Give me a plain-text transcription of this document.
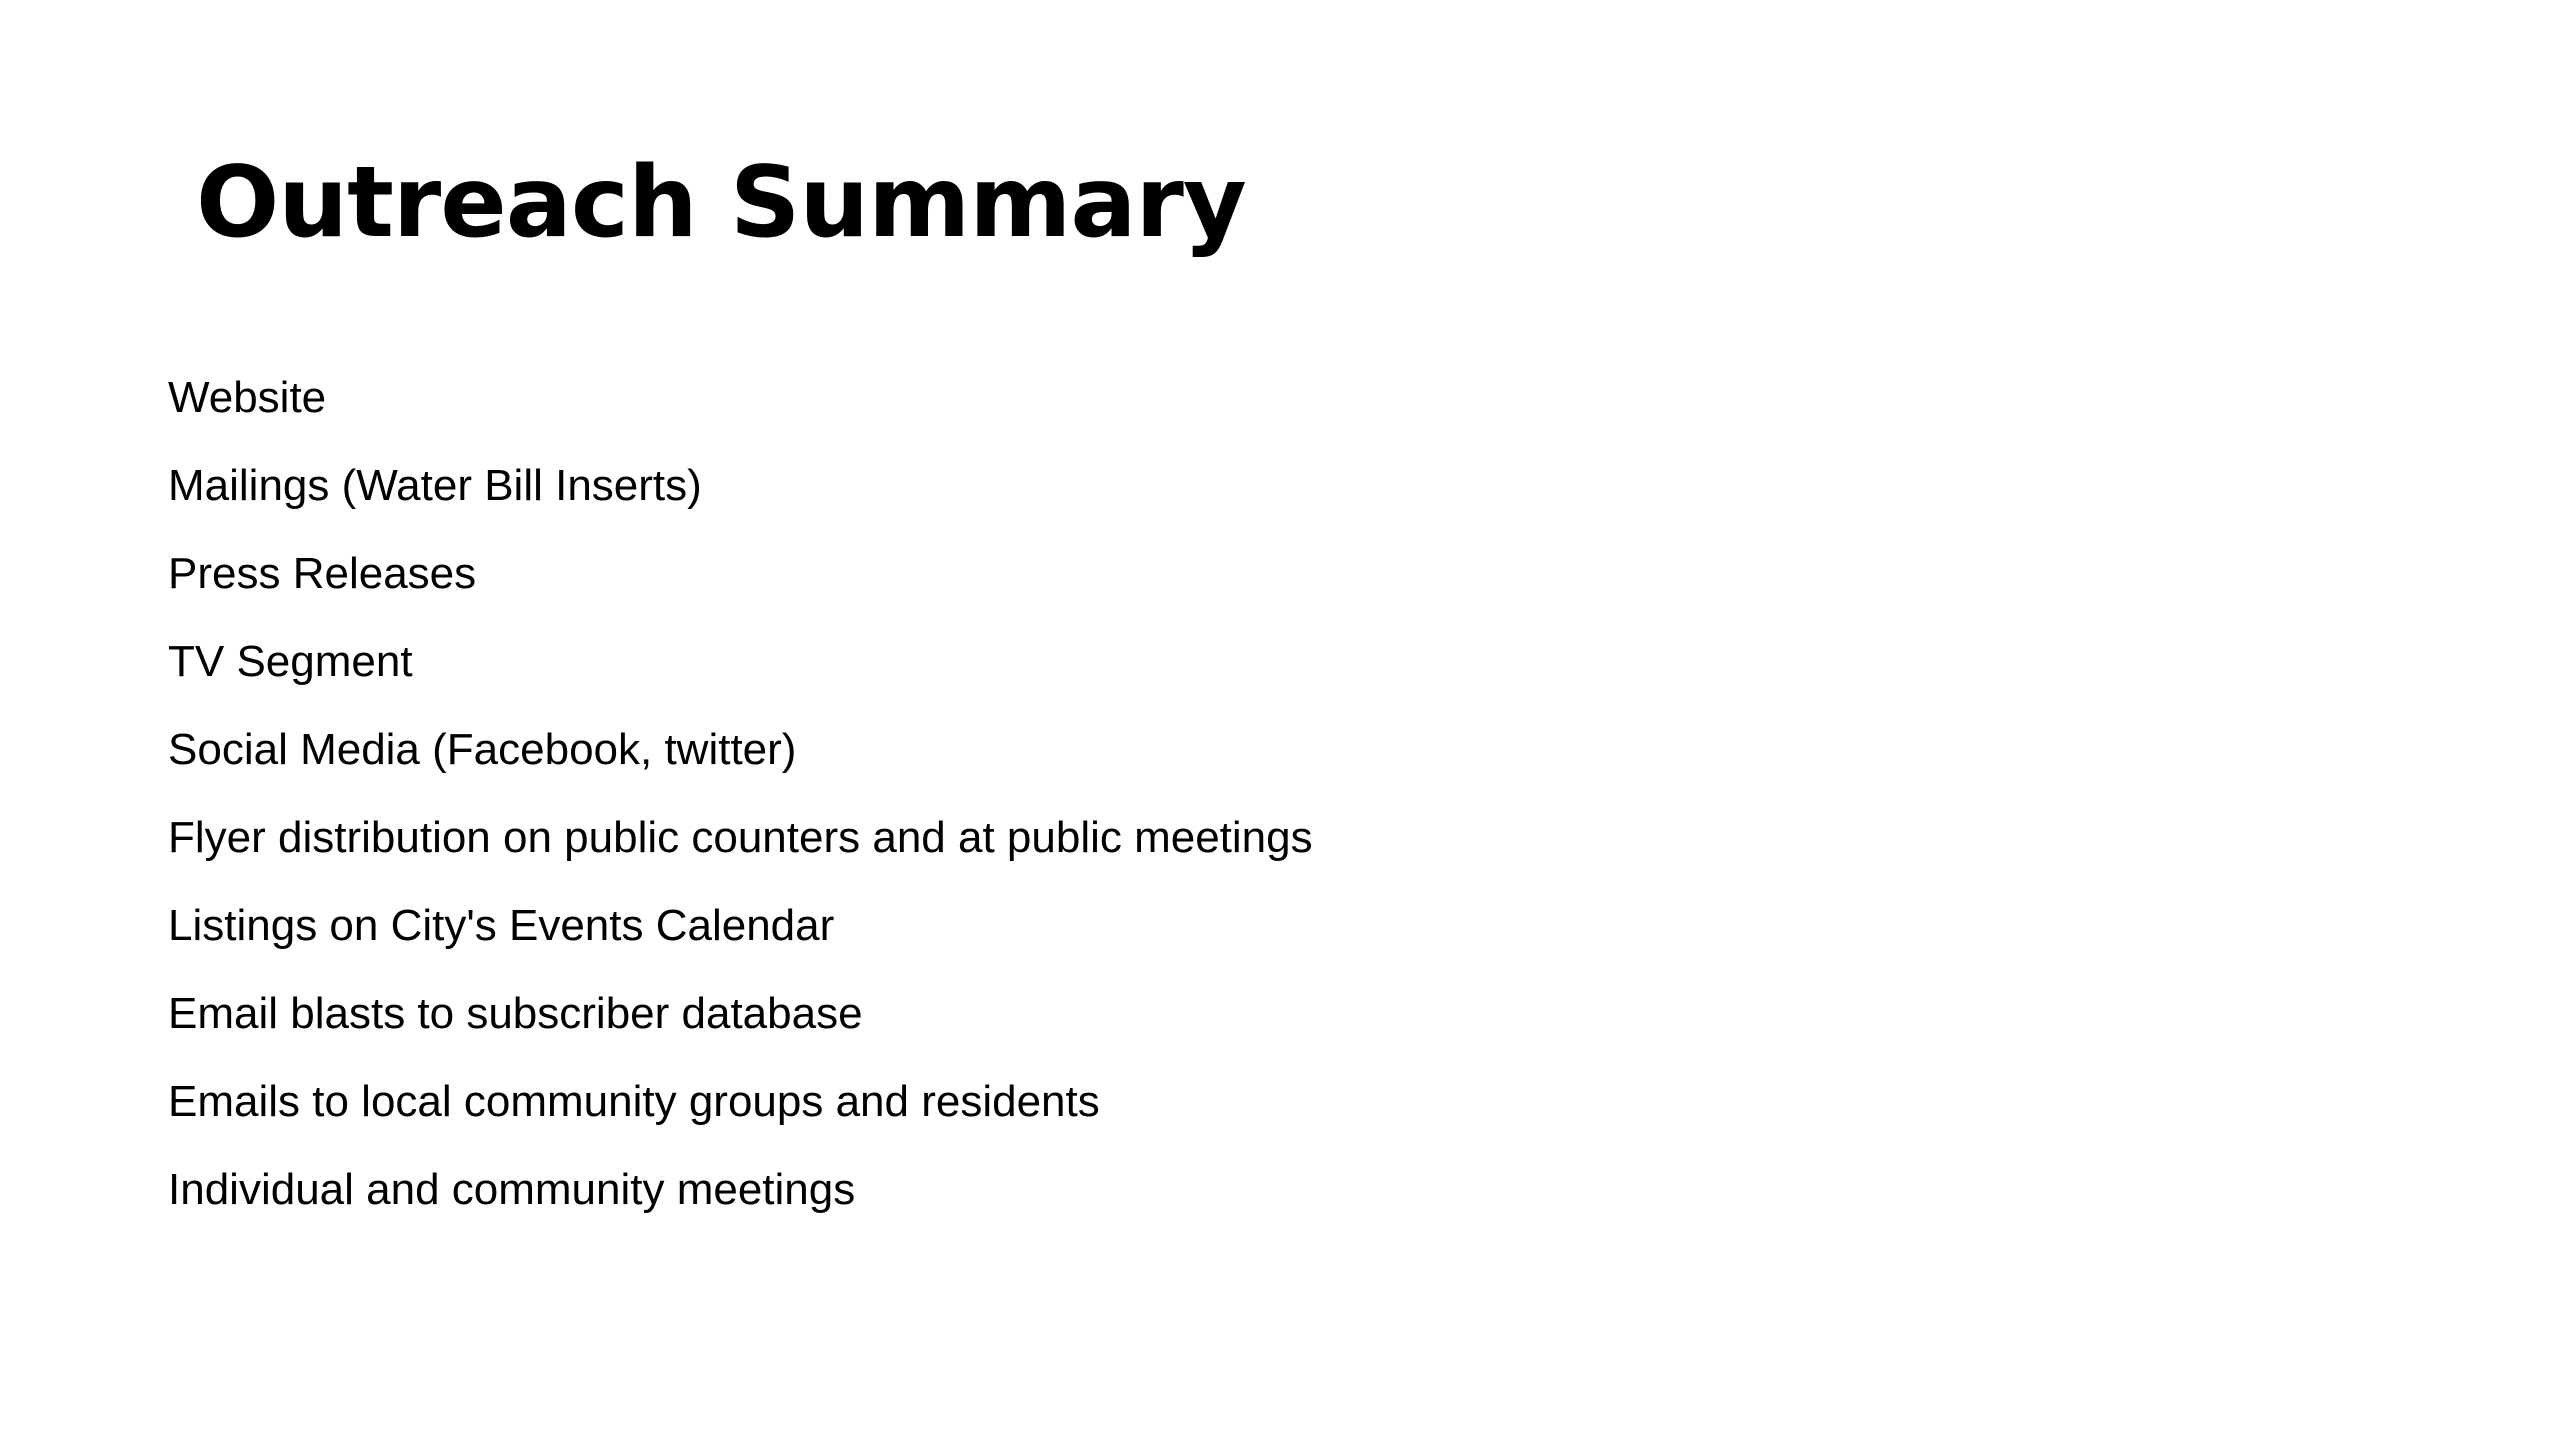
Outreach Summary
Website
Mailings (Water Bill Inserts)
Press Releases
TV Segment
Social Media (Facebook, twitter)
Flyer distribution on public counters and at public meetings
Listings on City's Events Calendar
Email blasts to subscriber database
Emails to local community groups and residents
Individual and community meetings
